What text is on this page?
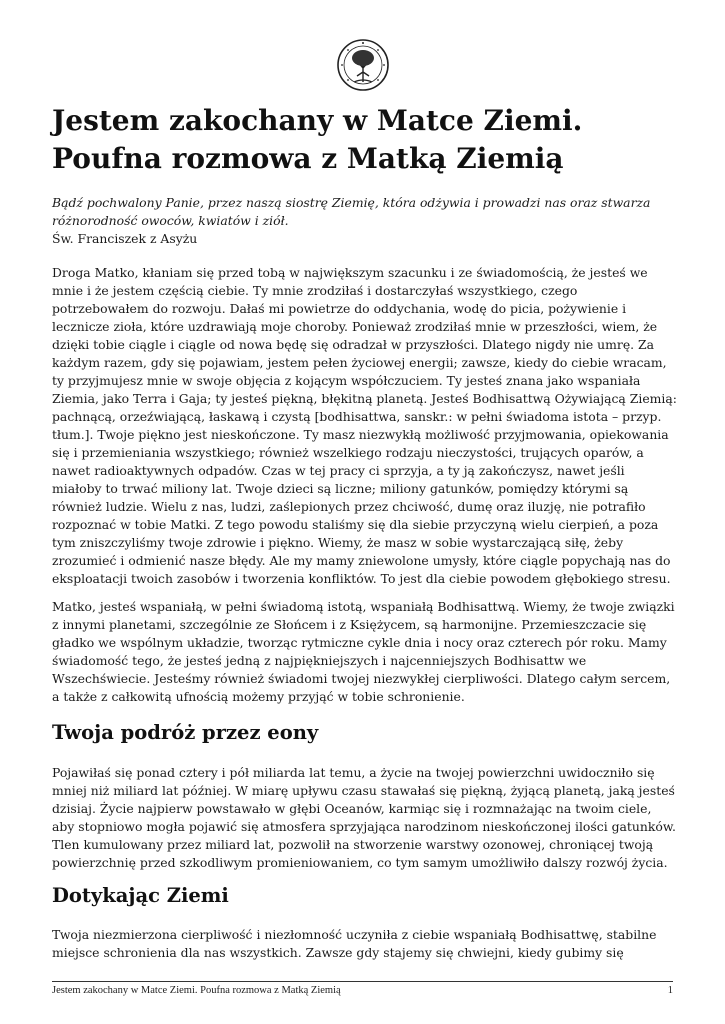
Jestem zakochany w Matce Ziemi. Poufna rozmowa z Matką Ziemią
Bądź pochwalony Panie, przez naszą siostrę Ziemię, która odżywia i prowadzi nas oraz stwarza różnorodność owoców, kwiatów i ziół.
Św. Franciszek z Asyżu

Droga Matko, kłaniam się przed tobą w największym szacunku i ze świadomością, że jesteś we mnie i że jestem częścią ciebie. Ty mnie zrodziłaś i dostarczyłaś wszystkiego, czego potrzebowałem do rozwoju. Dałaś mi powietrze do oddychania, wodę do picia, pożywienie i lecznicze zioła, które uzdrawiają moje choroby. Ponieważ zrodziłaś mnie w przeszłości, wiem, że dzięki tobie ciągle i ciągle od nowa będę się odradzał w przyszłości. Dlatego nigdy nie umrę. Za każdym razem, gdy się pojawiam, jestem pełen życiowej energii; zawsze, kiedy do ciebie wracam, ty przyjmujesz mnie w swoje objęcia z kojącym współczuciem. Ty jesteś znana jako wspaniała Ziemia, jako Terra i Gaja; ty jesteś piękną, błękitną planetą. Jesteś Bodhisattwą Ożywiającą Ziemią: pachnącą, orzeźwiającą, łaskawą i czystą [bodhisattwa, sanskr.: w pełni świadoma istota – przyp. tłum.]. Twoje piękno jest nieskończone. Ty masz niezwykłą możliwość przyjmowania, opiekowania się i przemieniania wszystkiego; również wszelkiego rodzaju nieczystości, trujących oparów, a nawet radioaktywnych odpadów. Czas w tej pracy ci sprzyja, a ty ją zakończysz, nawet jeśli miałoby to trwać miliony lat. Twoje dzieci są liczne; miliony gatunków, pomiędzy którymi są również ludzie. Wielu z nas, ludzi, zaślepionych przez chciwość, dumę oraz iluzję, nie potrafiło rozpoznać w tobie Matki. Z tego powodu staliśmy się dla siebie przyczyną wielu cierpień, a poza tym zniszczyliśmy twoje zdrowie i piękno. Wiemy, że masz w sobie wystarczającą siłę, żeby zrozumieć i odmienić nasze błędy. Ale my mamy zniewolone umysły, które ciągle popychają nas do eksploatacji twoich zasobów i tworzenia konfliktów. To jest dla ciebie powodem głębokiego stresu.

Matko, jesteś wspaniałą, w pełni świadomą istotą, wspaniałą Bodhisattwą. Wiemy, że twoje związki z innymi planetami, szczególnie ze Słońcem i z Księżycem, są harmonijne. Przemieszczacie się gładko we wspólnym układzie, tworząc rytmiczne cykle dnia i nocy oraz czterech pór roku. Mamy świadomość tego, że jesteś jedną z najpiękniejszych i najcenniejszych Bodhisattw we Wszechświecie. Jesteśmy również świadomi twojej niezwykłej cierpliwości. Dlatego całym sercem, a także z całkowitą ufnością możemy przyjąć w tobie schronienie.

Twoja podróż przez eony

Pojawiłaś się ponad cztery i pół miliarda lat temu, a życie na twojej powierzchni uwidoczniło się mniej niż miliard lat później. W miarę upływu czasu stawałaś się piękną, żyjącą planetą, jaką jesteś dzisiaj. Życie najpierw powstawało w głębi Oceanów, karmiąc się i rozmnażając na twoim ciele, aby stopniowo mogła pojawić się atmosfera sprzyjająca narodzinom nieskończonej ilości gatunków. Tlen kumulowany przez miliard lat, pozwolił na stworzenie warstwy ozonowej, chroniącej twoją powierzchnię przed szkodliwym promieniowaniem, co tym samym umożliwiło dalszy rozwój życia.

Dotykając Ziemi

Twoja niezmierzona cierpliwość i niezłomność uczyniła z ciebie wspaniałą Bodhisattwę, stabilne miejsce schronienia dla nas wszystkich. Zawsze gdy stajemy się chwiejni, kiedy gubimy się

Jestem zakochany w Matce Ziemi. Poufna rozmowa z Matką Ziemią	1
